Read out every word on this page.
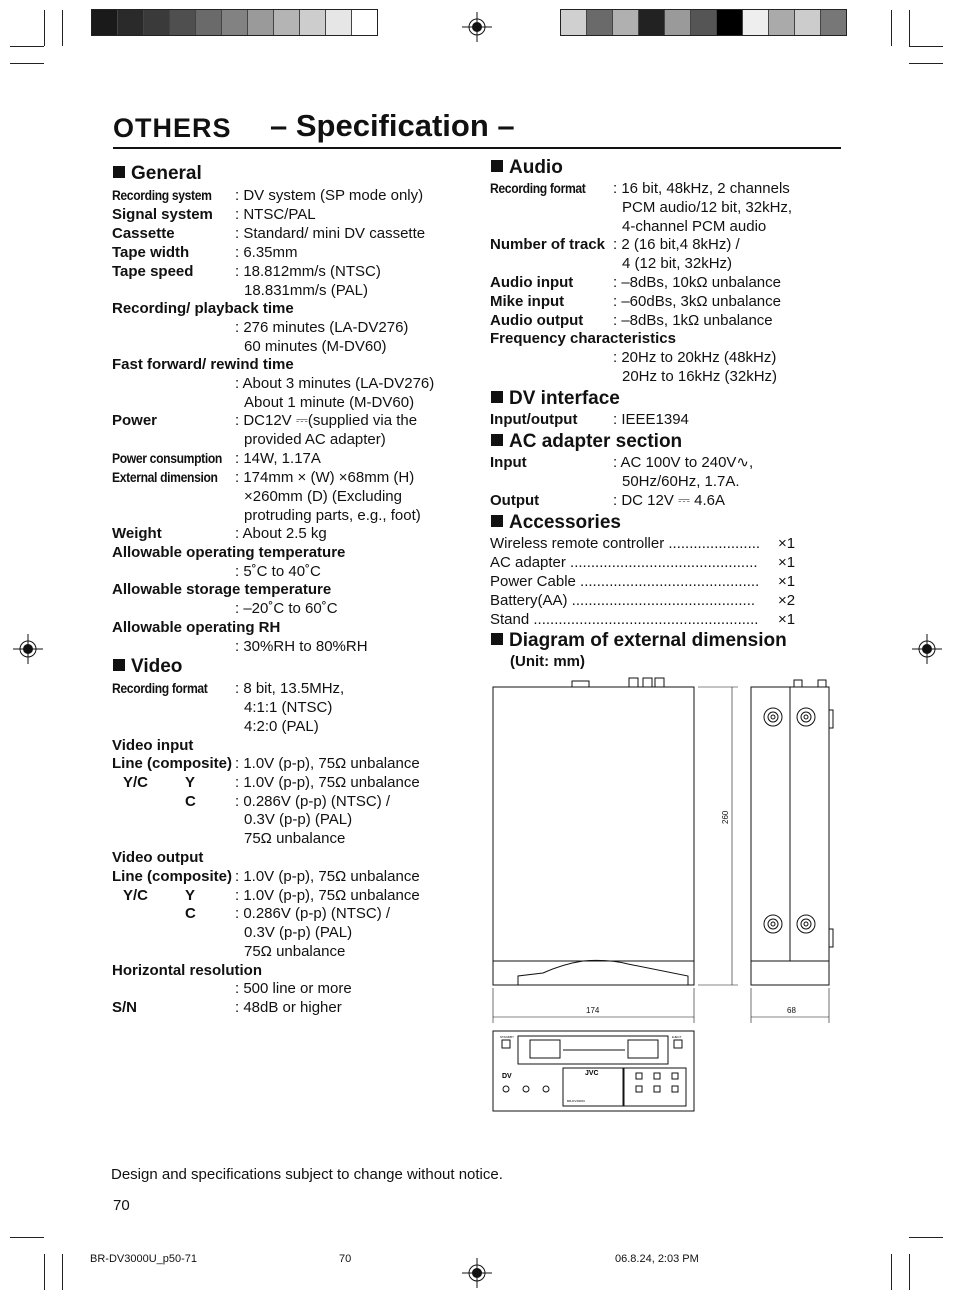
OTHERS – Specification –
General
Recording system	: DV system (SP mode only)
Signal system : NTSC/PAL
Cassette	: Standard/ mini DV cassette
Tape width	: 6.35mm
Tape speed	: 18.812mm/s (NTSC)
18.831mm/s (PAL)
Recording/ playback time
: 276 minutes (LA-DV276)
60 minutes (M-DV60)
Fast forward/ rewind time
: About 3 minutes (LA-DV276)
About 1 minute (M-DV60)
Power	: DC12V ⎓(supplied via the
provided AC adapter)
Power consumption : 14W, 1.17A
External dimension	: 174mm × (W) ×68mm (H)
×260mm (D) (Excluding
protruding parts, e.g., foot)
Weight	: About 2.5 kg
Allowable operating temperature
: 5˚C to 40˚C
Allowable storage temperature
: –20˚C to 60˚C
Allowable operating RH
: 30%RH to 80%RH
Video
Recording format	: 8 bit, 13.5MHz,
4:1:1 (NTSC)
4:2:0 (PAL)
Video input
Line (composite) : 1.0V (p-p), 75Ω unbalance
Y/C Y	: 1.0V (p-p), 75Ω unbalance
C	: 0.286V (p-p) (NTSC) /
0.3V (p-p) (PAL)
75Ω unbalance
Video output
Line (composite) : 1.0V (p-p), 75Ω unbalance
Y/C Y	: 1.0V (p-p), 75Ω unbalance
C	: 0.286V (p-p) (NTSC) /
0.3V (p-p) (PAL)
75Ω unbalance
Horizontal resolution
: 500 line or more
S/N	: 48dB or higher
Audio
Recording format	: 16 bit, 48kHz, 2 channels
PCM audio/12 bit, 32kHz,
4-channel PCM audio
Number of track : 2 (16 bit,4 8kHz) /
4 (12 bit, 32kHz)
Audio input	: –8dBs, 10kΩ unbalance
Mike input	: –60dBs, 3kΩ unbalance
Audio output : –8dBs, 1kΩ unbalance
Frequency characteristics
: 20Hz to 20kHz (48kHz)
20Hz to 16kHz (32kHz)
DV interface
Input/output : IEEE1394
AC adapter section
Input	: AC 100V to 240V∿,
50Hz/60Hz, 1.7A.
Output	: DC 12V ⎓ 4.6A
Accessories
Wireless remote controller ...................... ×1
AC adapter ............................................. ×1
Power Cable ........................................... ×1
Battery(AA) ............................................ ×2
Stand ...................................................... ×1
Diagram of external dimension
(Unit: mm)
DV	JVC
BR-DV3000U
STANDBY	EJECT
260
174	68
Design and specifications subject to change without notice.
70
BR-DV3000U_p50-71	70	06.8.24, 2:03 PM
